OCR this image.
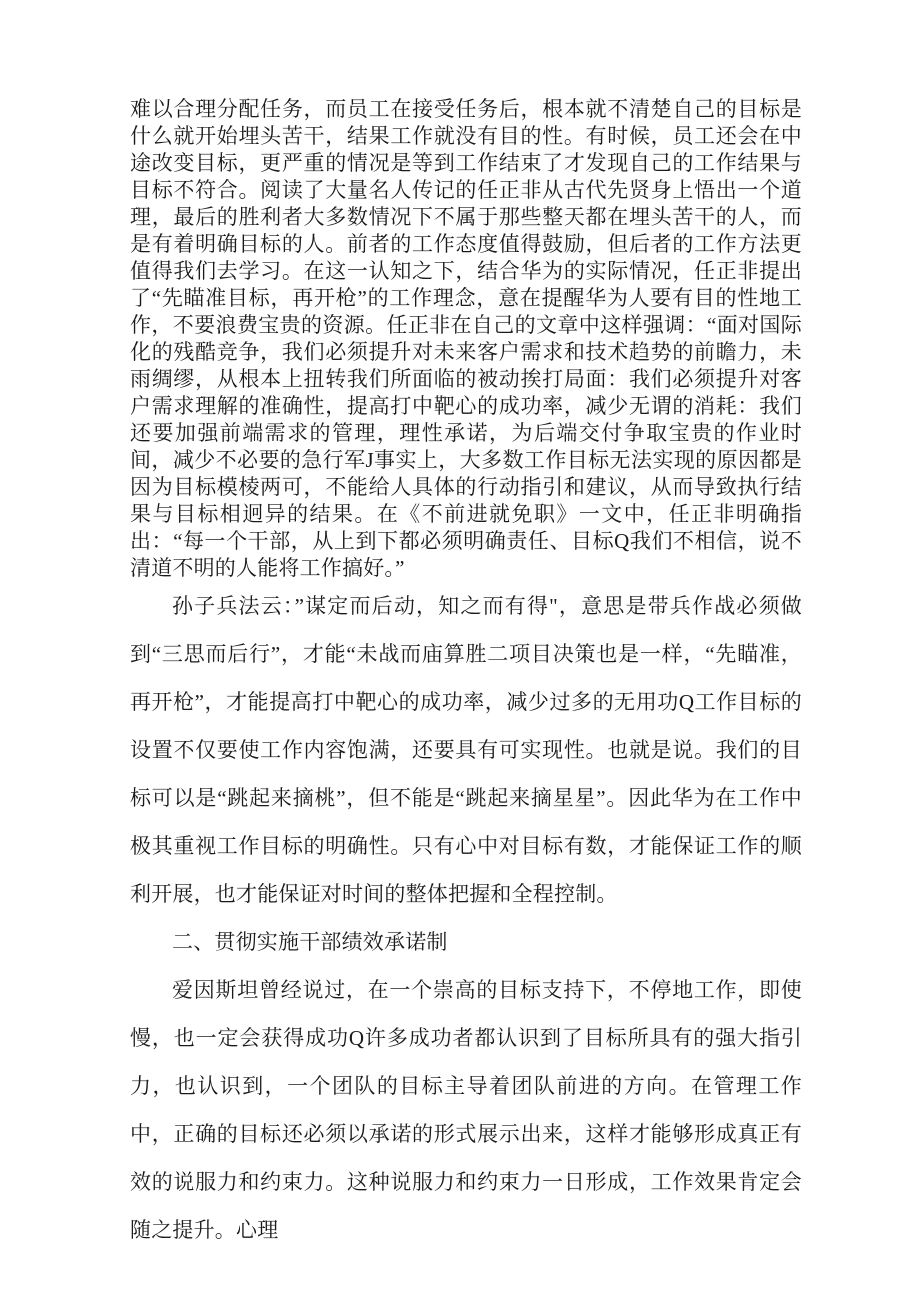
难以合理分配任务，而员工在接受任务后，根本就不清楚自己的目标是什么就开始埋头苦干，结果工作就没有目的性。有时候，员工还会在中途改变目标，更严重的情况是等到工作结束了才发现自己的工作结果与目标不符合。阅读了大量名人传记的任正非从古代先贤身上悟出一个道理，最后的胜利者大多数情况下不属于那些整天都在埋头苦干的人，而是有着明确目标的人。前者的工作态度值得鼓励，但后者的工作方法更值得我们去学习。在这一认知之下，结合华为的实际情况，任正非提出了“先瞄准目标，再开枪”的工作理念，意在提醒华为人要有目的性地工作，不要浪费宝贵的资源。任正非在自己的文章中这样强调：“面对国际化的残酷竞争，我们必须提升对未来客户需求和技术趋势的前瞻力，未雨绸缪，从根本上扭转我们所面临的被动挨打局面：我们必须提升对客户需求理解的准确性，提高打中靶心的成功率，减少无谓的消耗：我们还要加强前端需求的管理，理性承诺，为后端交付争取宝贵的作业时间，减少不必要的急行军J事实上，大多数工作目标无法实现的原因都是因为目标模棱两可，不能给人具体的行动指引和建议，从而导致执行结果与目标相迥异的结果。在《不前进就免职》一文中，任正非明确指出：“每一个干部，从上到下都必须明确责任、目标Q我们不相信，说不清道不明的人能将工作搞好。”

孙子兵法云：”谋定而后动，知之而有得"，意思是带兵作战必须做到“三思而后行”，才能“未战而庙算胜二项目决策也是一样，“先瞄准，再开枪”，才能提高打中靶心的成功率，减少过多的无用功Q工作目标的设置不仅要使工作内容饱满，还要具有可实现性。也就是说。我们的目标可以是“跳起来摘桃”，但不能是“跳起来摘星星”。因此华为在工作中极其重视工作目标的明确性。只有心中对目标有数，才能保证工作的顺利开展，也才能保证对时间的整体把握和全程控制。

二、贯彻实施干部绩效承诺制

爱因斯坦曾经说过，在一个崇高的目标支持下，不停地工作，即使慢，也一定会获得成功Q许多成功者都认识到了目标所具有的强大指引力，也认识到，一个团队的目标主导着团队前进的方向。在管理工作中，正确的目标还必须以承诺的形式展示出来，这样才能够形成真正有效的说服力和约束力。这种说服力和约束力一日形成，工作效果肯定会随之提升。心理
